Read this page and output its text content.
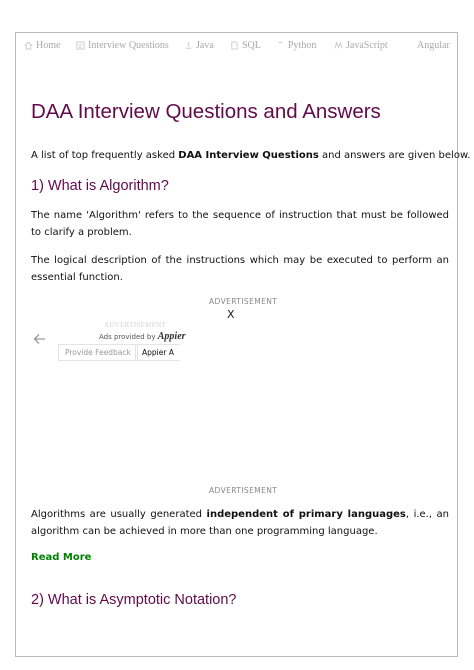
Home	Interview Questions	Java	SQL	Python	JavaScript	Angular
DAA Interview Questions and Answers

A list of top frequently asked DAA Interview Questions and answers are given below.

1) What is Algorithm?

The name 'Algorithm' refers to the sequence of instruction that must be followed to clarify a problem.

The logical description of the instructions which may be executed to perform an essential function.

ADVERTISEMENT
X
ADVERTISEMENT
Ads provided by Appier
Provide Feedback	Appier A
ADVERTISEMENT

Algorithms are usually generated independent of primary languages, i.e., an algorithm can be achieved in more than one programming language.

Read More
2) What is Asymptotic Notation?
